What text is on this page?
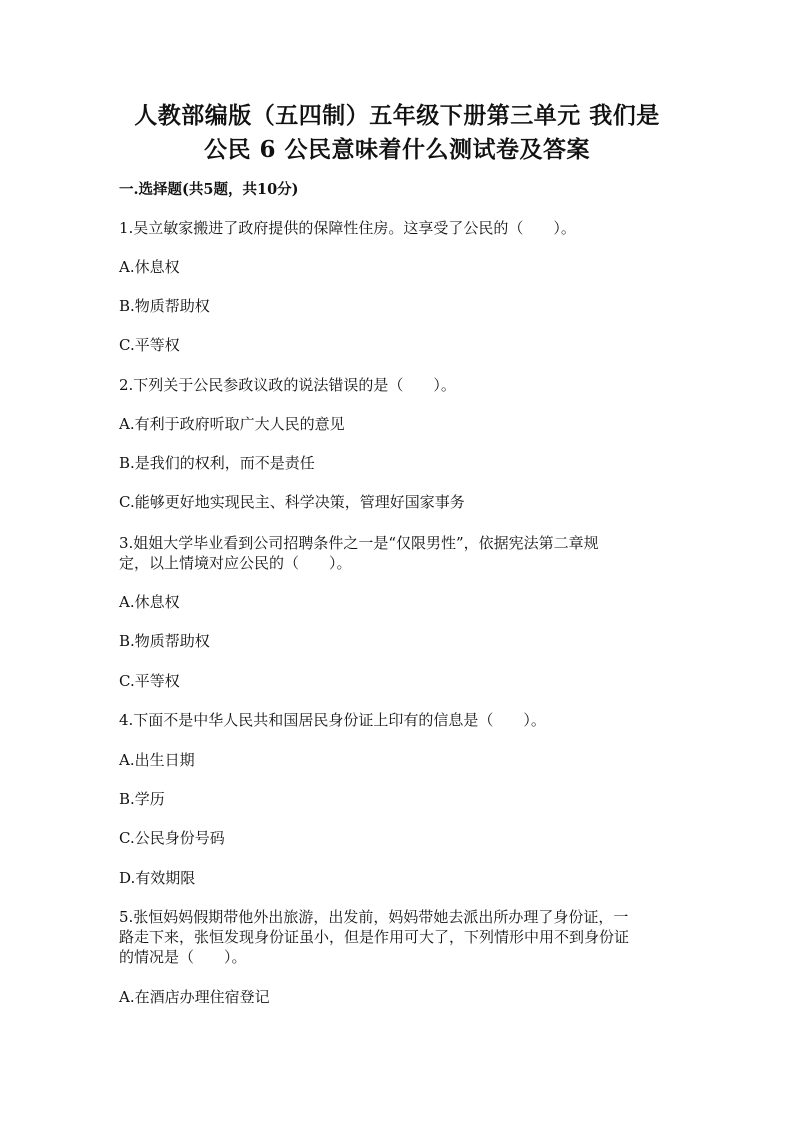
人教部编版（五四制）五年级下册第三单元 我们是
公民 6 公民意味着什么测试卷及答案
一.选择题(共5题，共10分)
1.吴立敏家搬进了政府提供的保障性住房。这享受了公民的（　　）。
A.休息权
B.物质帮助权
C.平等权
2.下列关于公民参政议政的说法错误的是（　　）。
A.有利于政府听取广大人民的意见
B.是我们的权利，而不是责任
C.能够更好地实现民主、科学决策，管理好国家事务
3.姐姐大学毕业看到公司招聘条件之一是“仅限男性”，依据宪法第二章规
定，以上情境对应公民的（　　）。
A.休息权
B.物质帮助权
C.平等权
4.下面不是中华人民共和国居民身份证上印有的信息是（　　）。
A.出生日期
B.学历
C.公民身份号码
D.有效期限
5.张恒妈妈假期带他外出旅游，出发前，妈妈带她去派出所办理了身份证，一
路走下来，张恒发现身份证虽小，但是作用可大了，下列情形中用不到身份证
的情况是（　　）。
A.在酒店办理住宿登记
